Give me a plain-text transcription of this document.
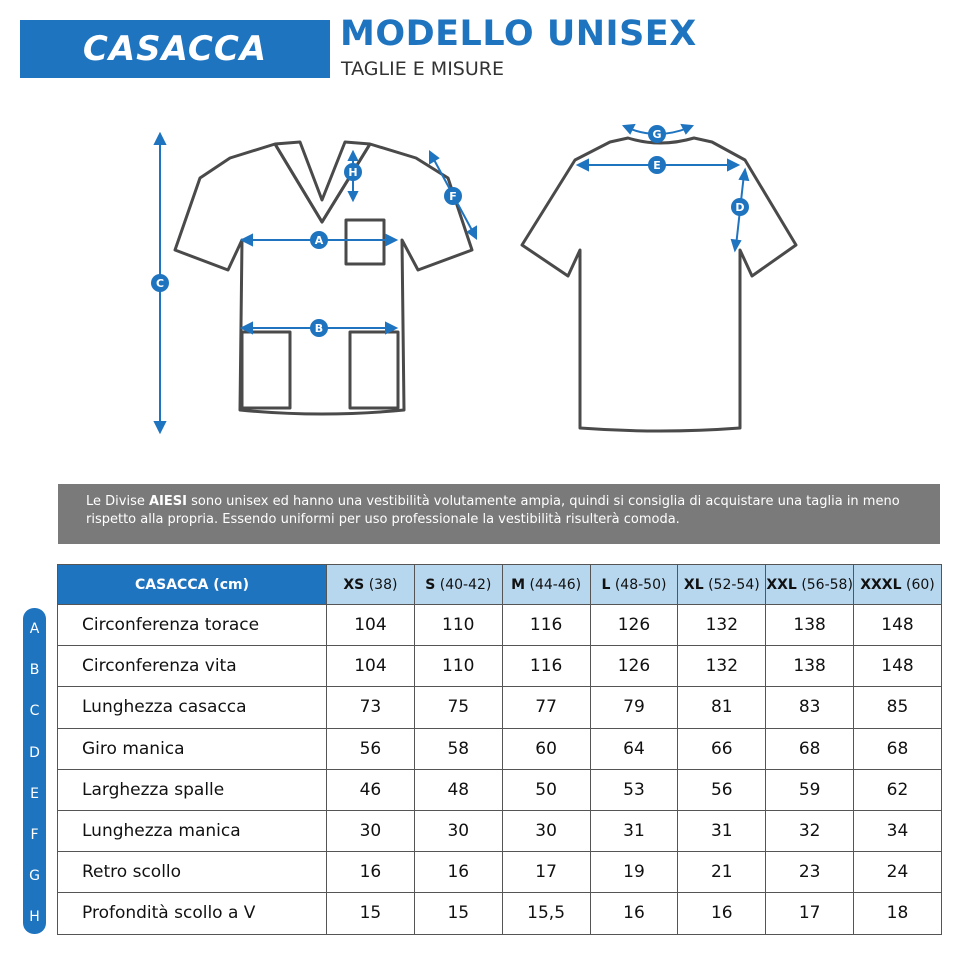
CASACCA	MODELLO UNISEX
TAGLIE E MISURE
A
B
C
F
H
D
E
G
Le Divise AIESI sono unisex ed hanno una vestibilità volutamente ampia, quindi si consiglia di acquistare una taglia in meno
rispetto alla propria. Essendo uniformi per uso professionale la vestibilità risulterà comoda.
A
B
C
D
E
F
G
H
CASACCA (cm)	XS (38)	S (40-42)	M (44-46)	L (48-50)	XL (52-54)	XXL (56-58)	XXXL (60)
Circonferenza torace	104	110	116	126	132	138	148
Circonferenza vita	104	110	116	126	132	138	148
Lunghezza casacca	73	75	77	79	81	83	85
Giro manica	56	58	60	64	66	68	68
Larghezza spalle	46	48	50	53	56	59	62
Lunghezza manica	30	30	30	31	31	32	34
Retro scollo	16	16	17	19	21	23	24
Profondità scollo a V	15	15	15,5	16	16	17	18
